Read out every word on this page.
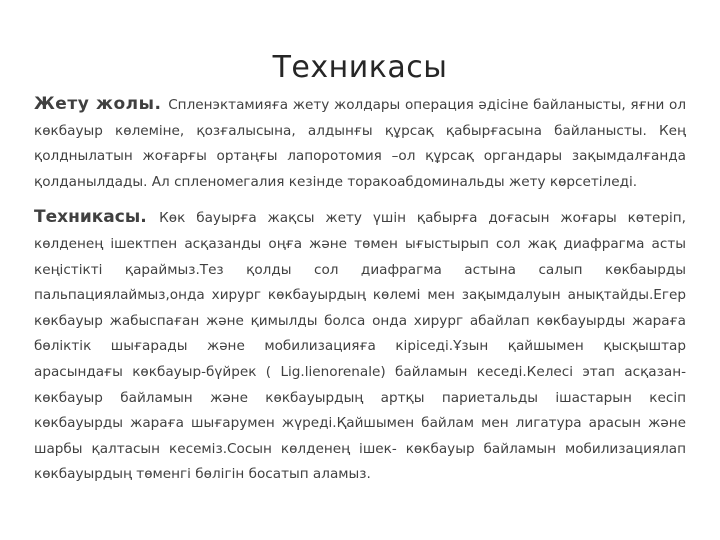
Техникасы

Жету жолы. Спленэктамияға жету жолдары операция әдісіне байланысты, яғни ол көкбауыр көлеміне, қозғалысына, алдынғы құрсақ қабырғасына байланысты. Кең қолднылатын жоғарғы ортаңғы лапоротомия –ол құрсақ органдары зақымдалғанда қолданылдады. Ал спленомегалия кезінде торакоабдоминальды жету көрсетіледі.

Техникасы. Көк бауырға жақсы жету үшін қабырға доғасын жоғары көтеріп, көлденең ішектпен асқазанды оңға және төмен ығыстырып сол жақ диафрагма асты кеңістікті қараймыз.Тез қолды сол диафрагма астына салып көкбаырды пальпациялаймыз,онда хирург көкбауырдың көлемі мен зақымдалуын анықтайды.Егер көкбауыр жабыспаған және қимылды болса онда хирург абайлап көкбауырды жараға бөліктік шығарады және мобилизацияға кіріседі.Ұзын қайшымен қысқыштар арасындағы көкбауыр-бүйрек ( Lig.lienorenale) байламын кеседі.Келесі этап асқазан-көкбауыр байламын және көкбауырдың артқы париетальды ішастарын кесіп көкбауырды жараға шығарумен жүреді.Қайшымен байлам мен лигатура арасын және шарбы қалтасын кесеміз.Сосын көлденең ішек- көкбауыр байламын мобилизациялап көкбауырдың төменгі бөлігін босатып аламыз.
